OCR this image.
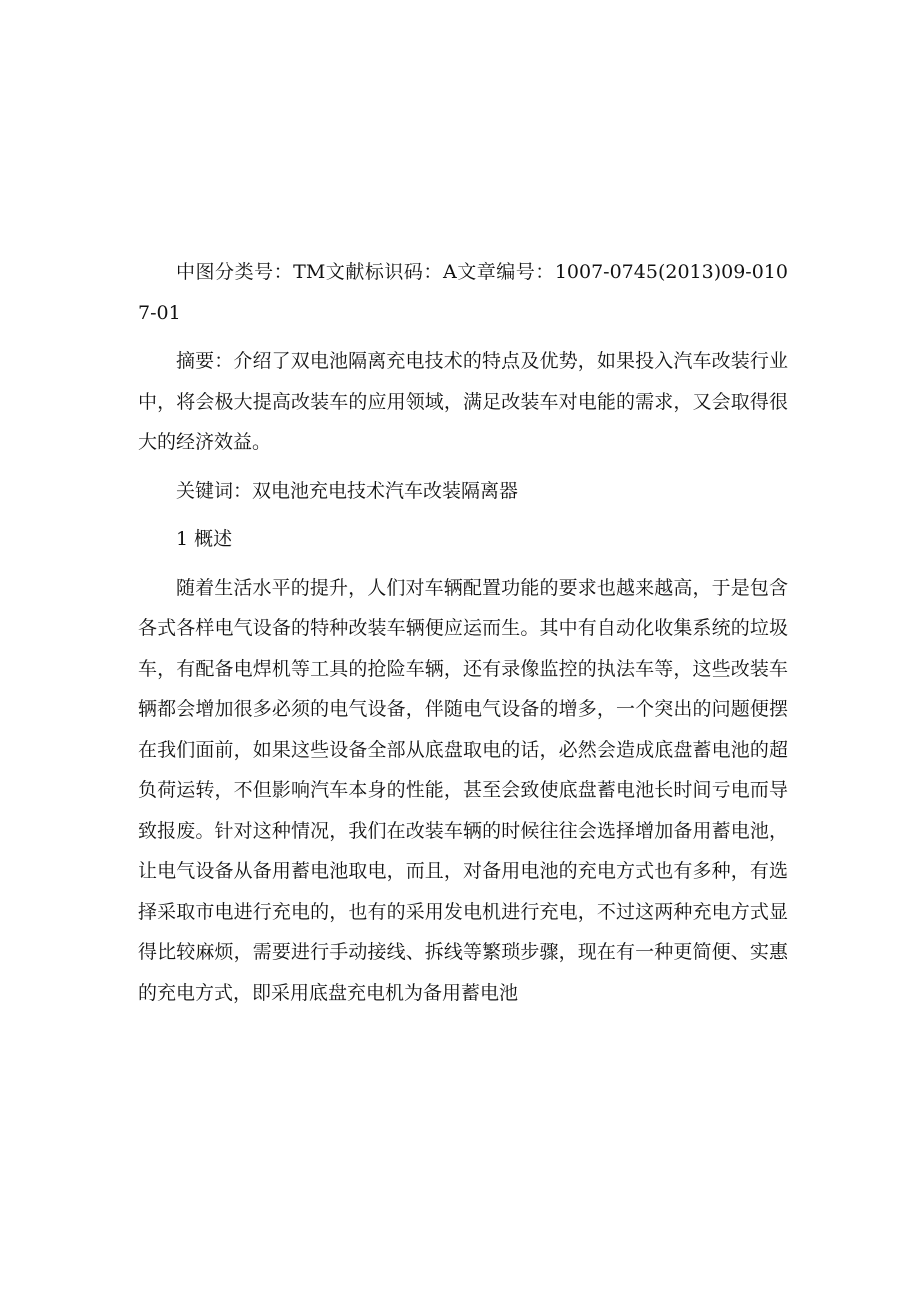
中图分类号：TM文献标识码：A文章编号：1007-0745(2013)09-0107-01

摘要：介绍了双电池隔离充电技术的特点及优势，如果投入汽车改装行业中，将会极大提高改装车的应用领域，满足改装车对电能的需求，又会取得很大的经济效益。

关键词：双电池充电技术汽车改装隔离器

1 概述

随着生活水平的提升，人们对车辆配置功能的要求也越来越高，于是包含各式各样电气设备的特种改装车辆便应运而生。其中有自动化收集系统的垃圾车，有配备电焊机等工具的抢险车辆，还有录像监控的执法车等，这些改装车辆都会增加很多必须的电气设备，伴随电气设备的增多，一个突出的问题便摆在我们面前，如果这些设备全部从底盘取电的话，必然会造成底盘蓄电池的超负荷运转，不但影响汽车本身的性能，甚至会致使底盘蓄电池长时间亏电而导致报废。针对这种情况，我们在改装车辆的时候往往会选择增加备用蓄电池，让电气设备从备用蓄电池取电，而且，对备用电池的充电方式也有多种，有选择采取市电进行充电的，也有的采用发电机进行充电，不过这两种充电方式显得比较麻烦，需要进行手动接线、拆线等繁琐步骤，现在有一种更简便、实惠的充电方式，即采用底盘充电机为备用蓄电池
